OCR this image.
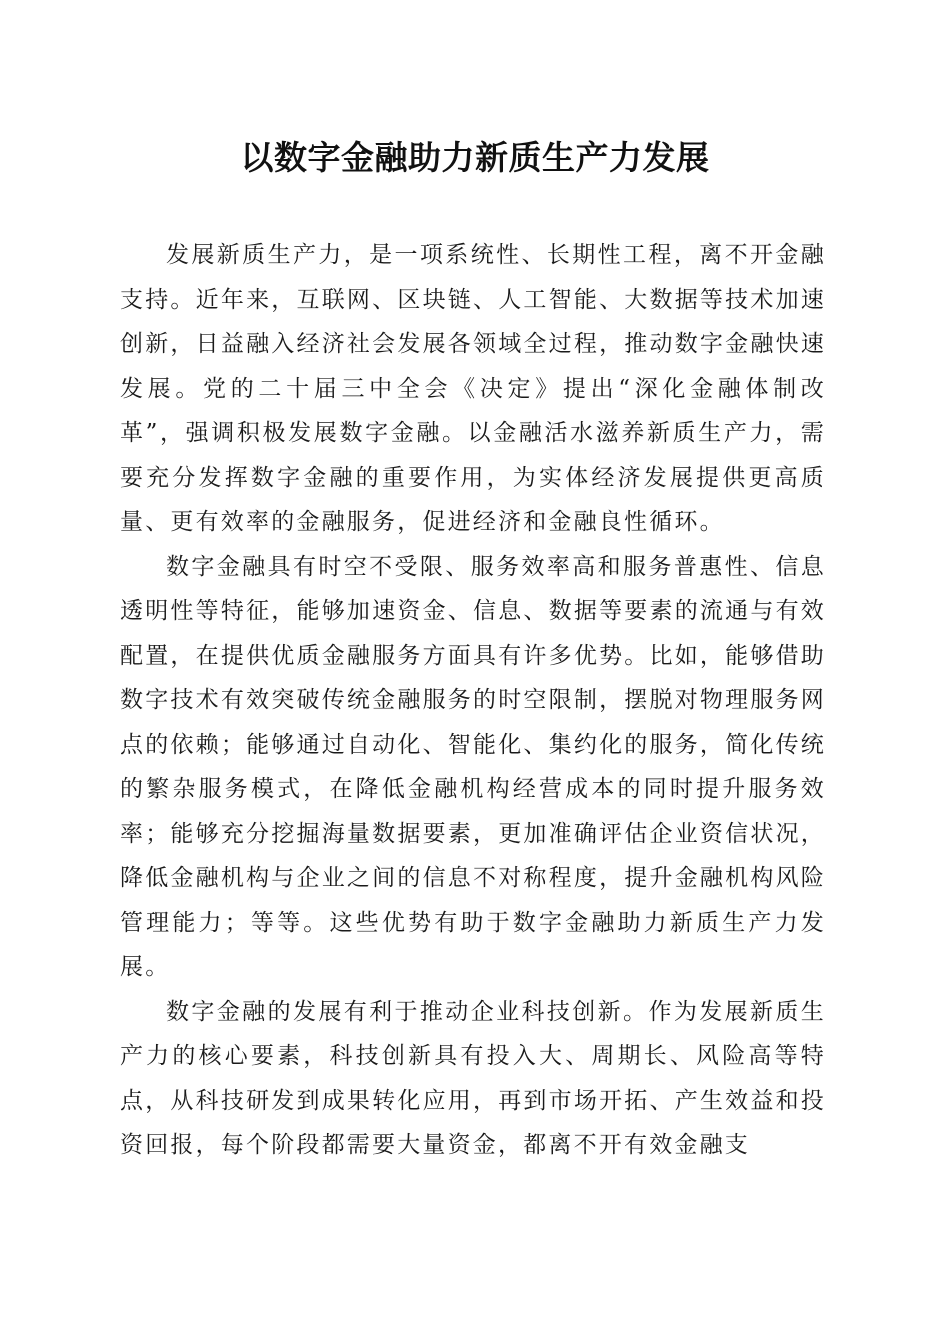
以数字金融助力新质生产力发展

发展新质生产力，是一项系统性、长期性工程，离不开金融支持。近年来，互联网、区块链、人工智能、大数据等技术加速创新，日益融入经济社会发展各领域全过程，推动数字金融快速发展。党的二十届三中全会《决定》提出“深化金融体制改革”，强调积极发展数字金融。以金融活水滋养新质生产力，需要充分发挥数字金融的重要作用，为实体经济发展提供更高质量、更有效率的金融服务，促进经济和金融良性循环。

数字金融具有时空不受限、服务效率高和服务普惠性、信息透明性等特征，能够加速资金、信息、数据等要素的流通与有效配置，在提供优质金融服务方面具有许多优势。比如，能够借助数字技术有效突破传统金融服务的时空限制，摆脱对物理服务网点的依赖；能够通过自动化、智能化、集约化的服务，简化传统的繁杂服务模式，在降低金融机构经营成本的同时提升服务效率；能够充分挖掘海量数据要素，更加准确评估企业资信状况，降低金融机构与企业之间的信息不对称程度，提升金融机构风险管理能力；等等。这些优势有助于数字金融助力新质生产力发展。

数字金融的发展有利于推动企业科技创新。作为发展新质生产力的核心要素，科技创新具有投入大、周期长、风险高等特点，从科技研发到成果转化应用，再到市场开拓、产生效益和投资回报，每个阶段都需要大量资金，都离不开有效金融支
